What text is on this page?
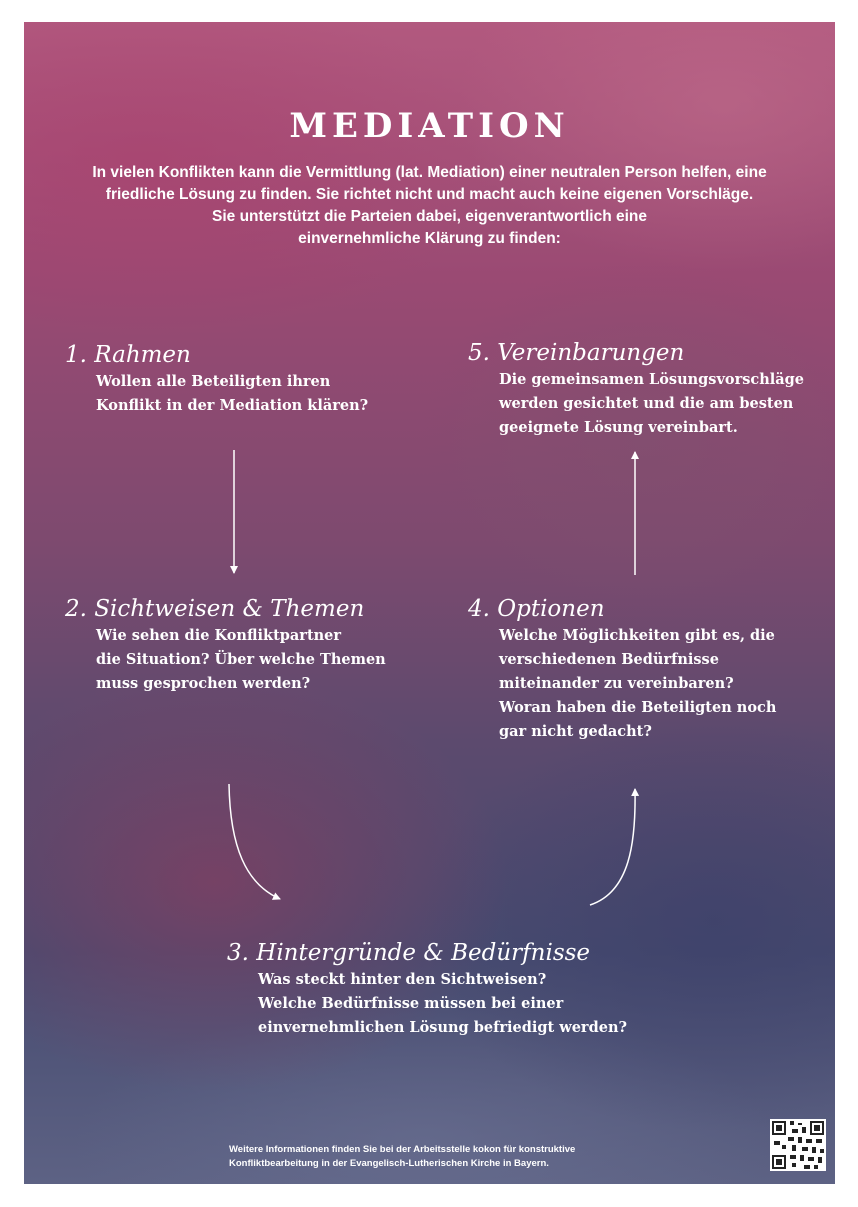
MEDIATION
In vielen Konflikten kann die Vermittlung (lat. Mediation) einer neutralen Person helfen, eine
friedliche Lösung zu finden. Sie richtet nicht und macht auch keine eigenen Vorschläge.
Sie unterstützt die Parteien dabei, eigenverantwortlich eine
einvernehmliche Klärung zu finden:
1. Rahmen
Wollen alle Beteiligten ihren
Konflikt in der Mediation klären?
5. Vereinbarungen
Die gemeinsamen Lösungsvorschläge
werden gesichtet und die am besten
geeignete Lösung vereinbart.
2. Sichtweisen & Themen
Wie sehen die Konfliktpartner
die Situation? Über welche Themen
muss gesprochen werden?
4. Optionen
Welche Möglichkeiten gibt es, die
verschiedenen Bedürfnisse
miteinander zu vereinbaren?
Woran haben die Beteiligten noch
gar nicht gedacht?
3. Hintergründe & Bedürfnisse
Was steckt hinter den Sichtweisen?
Welche Bedürfnisse müssen bei einer
einvernehmlichen Lösung befriedigt werden?
Weitere Informationen finden Sie bei der Arbeitsstelle kokon für konstruktive
Konfliktbearbeitung in der Evangelisch-Lutherischen Kirche in Bayern.
